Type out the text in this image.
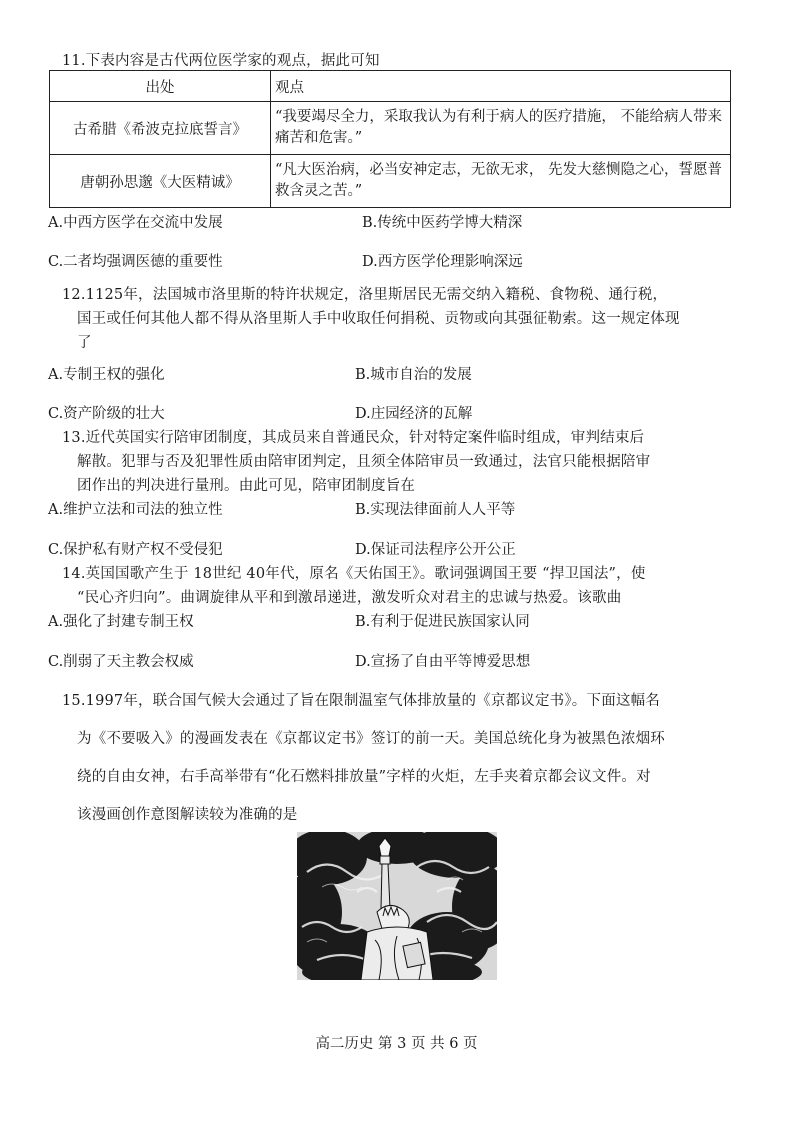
11.下表内容是古代两位医学家的观点，据此可知
出处	观点
古希腊《希波克拉底誓言》	“我要竭尽全力，采取我认为有利于病人的医疗措施， 不能给病人带来痛苦和危害。”
唐朝孙思邈《大医精诚》	“凡大医治病，必当安神定志，无欲无求， 先发大慈恻隐之心，誓愿普救含灵之苦。”
A.中西方医学在交流中发展	B.传统中医药学博大精深
C.二者均强调医德的重要性	D.西方医学伦理影响深远
12.1125年，法国城市洛里斯的特许状规定，洛里斯居民无需交纳入籍税、食物税、通行税，
国王或任何其他人都不得从洛里斯人手中收取任何捐税、贡物或向其强征勒索。这一规定体现
了
A.专制王权的强化	B.城市自治的发展
C.资产阶级的壮大	D.庄园经济的瓦解
13.近代英国实行陪审团制度，其成员来自普通民众，针对特定案件临时组成，审判结束后
解散。犯罪与否及犯罪性质由陪审团判定，且须全体陪审员一致通过，法官只能根据陪审
团作出的判决进行量刑。由此可见，陪审团制度旨在
A.维护立法和司法的独立性	B.实现法律面前人人平等
C.保护私有财产权不受侵犯	D.保证司法程序公开公正
14.英国国歌产生于 18世纪 40年代，原名《天佑国王》。歌词强调国王要 “捍卫国法”，使
“民心齐归向”。曲调旋律从平和到激昂递进，激发听众对君主的忠诚与热爱。该歌曲
A.强化了封建专制王权	B.有利于促进民族国家认同
C.削弱了天主教会权威	D.宣扬了自由平等博爱思想
15.1997年，联合国气候大会通过了旨在限制温室气体排放量的《京都议定书》。下面这幅名
为《不要吸入》的漫画发表在《京都议定书》签订的前一天。美国总统化身为被黑色浓烟环
绕的自由女神，右手高举带有“化石燃料排放量”字样的火炬，左手夹着京都会议文件。对
该漫画创作意图解读较为准确的是
高二历史 第 3 页 共 6 页
